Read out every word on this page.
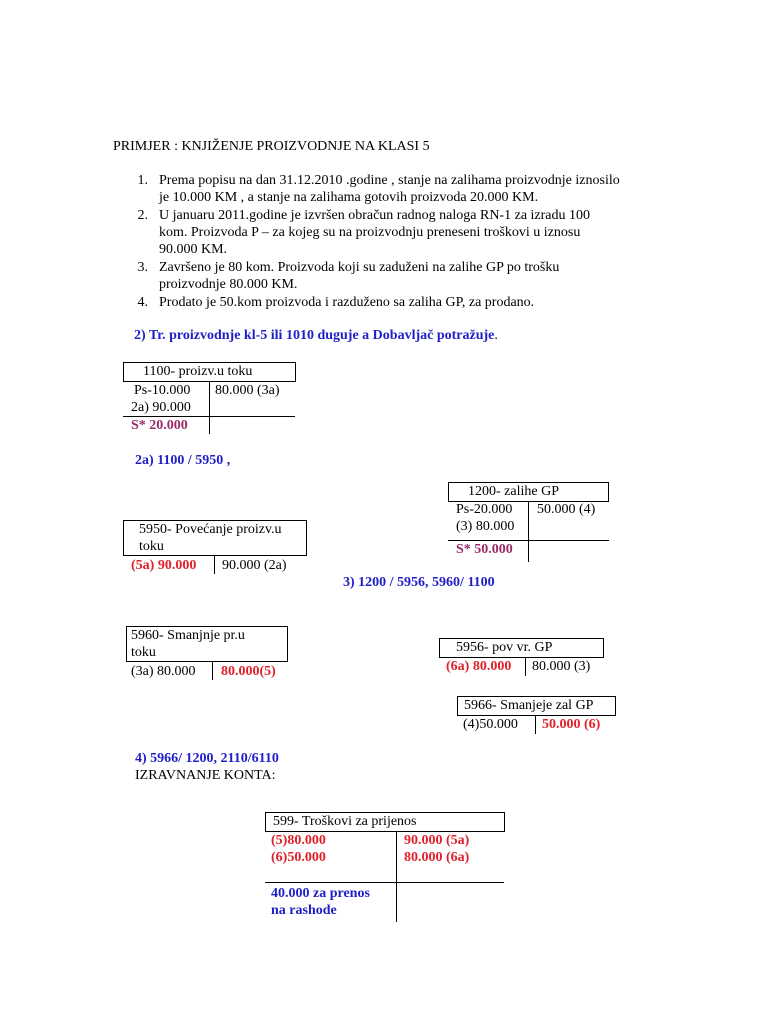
PRIMJER : KNJIŽENJE PROIZVODNJE NA KLASI 5
1. Prema popisu na dan 31.12.2010 .godine , stanje na zalihama proizvodnje iznosilo
je 10.000 KM , a stanje na zalihama gotovih proizvoda 20.000 KM.
2. U januaru 2011.godine je izvršen obračun radnog naloga RN-1 za izradu 100
kom. Proizvoda P – za kojeg su na proizvodnju preneseni troškovi u iznosu
90.000 KM.
3. Završeno je 80 kom. Proizvoda koji su zaduženi na zalihe GP po trošku
proizvodnje 80.000 KM.
4. Prodato je 50.kom proizvoda i razduženo sa zaliha GP, za prodano.
2) Tr. proizvodnje kl-5 ili 1010 duguje a Dobavljač potražuje.
1100- proizv.u toku
Ps-10.000
2a) 90.000
80.000 (3a)
S* 20.000
2a) 1100 / 5950 ,
1200- zalihe GP
Ps-20.000
(3) 80.000
50.000 (4)
S* 50.000
5950- Povećanje proizv.u
toku
(5a) 90.000 90.000 (2a)
3) 1200 / 5956, 5960/ 1100
5960- Smanjnje pr.u
toku
(3a) 80.000 80.000(5)
5956- pov vr. GP
(6a) 80.000 80.000 (3)
5966- Smanjeje zal GP
(4)50.000 50.000 (6)
4) 5966/ 1200, 2110/6110
IZRAVNANJE KONTA:
599- Troškovi za prijenos
(5)80.000
(6)50.000
90.000 (5a)
80.000 (6a)
40.000 za prenos
na rashode
